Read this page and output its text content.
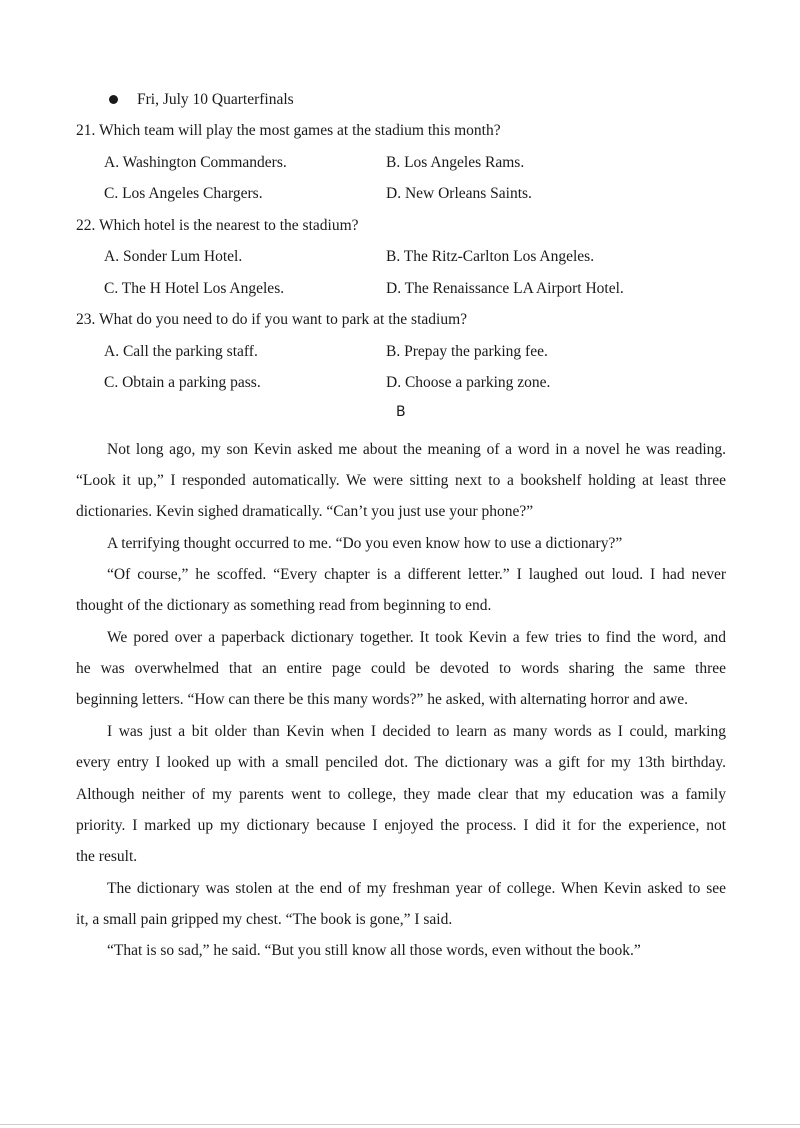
Fri, July 10 Quarterfinals
21. Which team will play the most games at the stadium this month?
A. Washington Commanders.	B. Los Angeles Rams.
C. Los Angeles Chargers.	D. New Orleans Saints.
22. Which hotel is the nearest to the stadium?
A. Sonder Lum Hotel.	B. The Ritz-Carlton Los Angeles.
C. The H Hotel Los Angeles.	D. The Renaissance LA Airport Hotel.
23. What do you need to do if you want to park at the stadium?
A. Call the parking staff.	B. Prepay the parking fee.
C. Obtain a parking pass.	D. Choose a parking zone.
B
Not long ago, my son Kevin asked me about the meaning of a word in a novel he was reading.
“Look it up,” I responded automatically. We were sitting next to a bookshelf holding at least three
dictionaries. Kevin sighed dramatically. “Can’t you just use your phone?”
A terrifying thought occurred to me. “Do you even know how to use a dictionary?”
“Of course,” he scoffed. “Every chapter is a different letter.” I laughed out loud. I had never
thought of the dictionary as something read from beginning to end.
We pored over a paperback dictionary together. It took Kevin a few tries to find the word, and
he was overwhelmed that an entire page could be devoted to words sharing the same three
beginning letters. “How can there be this many words?” he asked, with alternating horror and awe.
I was just a bit older than Kevin when I decided to learn as many words as I could, marking
every entry I looked up with a small penciled dot. The dictionary was a gift for my 13th birthday.
Although neither of my parents went to college, they made clear that my education was a family
priority. I marked up my dictionary because I enjoyed the process. I did it for the experience, not
the result.
The dictionary was stolen at the end of my freshman year of college. When Kevin asked to see
it, a small pain gripped my chest. “The book is gone,” I said.
“That is so sad,” he said. “But you still know all those words, even without the book.”
